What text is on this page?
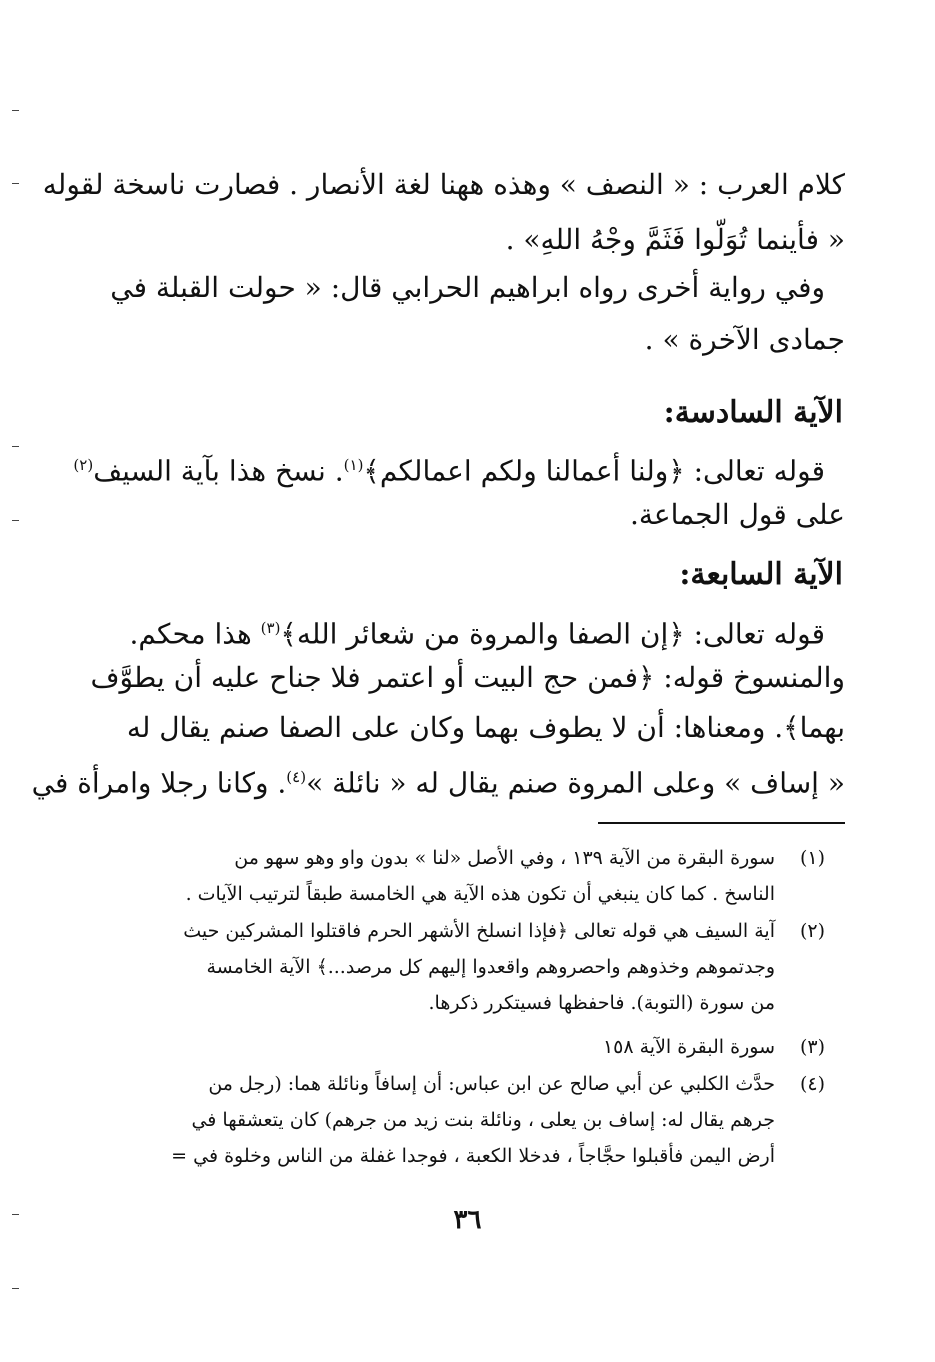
كلام العرب : « النصف » وهذه ههنا لغة الأنصار . فصارت ناسخة لقوله
« فأينما تُوَلّوا فَثَمَّ وجْهُ اللهِ» .
وفي رواية أخرى رواه ابراهيم الحرابي قال: « حولت القبلة في
جمادى الآخرة » .
الآية السادسة:
قوله تعالى: ﴿ولنا أعمالنا ولكم اعمالكم﴾$^{(١)}$. نسخ هذا بآية السيف$^{(٢)}$
على قول الجماعة.
الآية السابعة:
قوله تعالى: ﴿إن الصفا والمروة من شعائر الله﴾$^{(٣)}$ هذا محكم.
والمنسوخ قوله: ﴿فمن حج البيت أو اعتمر فلا جناح عليه أن يطوَّف
بهما﴾. ومعناها: أن لا يطوف بهما وكان على الصفا صنم يقال له
« إساف » وعلى المروة صنم يقال له « نائلة »$^{(٤)}$. وكانا رجلا وامرأة في
(١)
سورة البقرة من الآية ١٣٩ ، وفي الأصل «لنا » بدون واو وهو سهو من
الناسخ . كما كان ينبغي أن تكون هذه الآية هي الخامسة طبقاً لترتيب الآيات .
(٢)
آية السيف هي قوله تعالى ﴿فإذا انسلخ الأشهر الحرم فاقتلوا المشركين حيث
وجدتموهم وخذوهم واحصروهم واقعدوا إليهم كل مرصد...﴾ الآية الخامسة
من سورة (التوبة). فاحفظها فسيتكرر ذكرها.
(٣)
سورة البقرة الآية ١٥٨
(٤)
حدَّث الكلبي عن أبي صالح عن ابن عباس: أن إسافاً ونائلة هما: (رجل من
جرهم يقال له: إساف بن يعلى ، ونائلة بنت زيد من جرهم) كان يتعشقها في
أرض اليمن فأقبلوا حجَّاجاً ، فدخلا الكعبة ، فوجدا غفلة من الناس وخلوة في =
٣٦
